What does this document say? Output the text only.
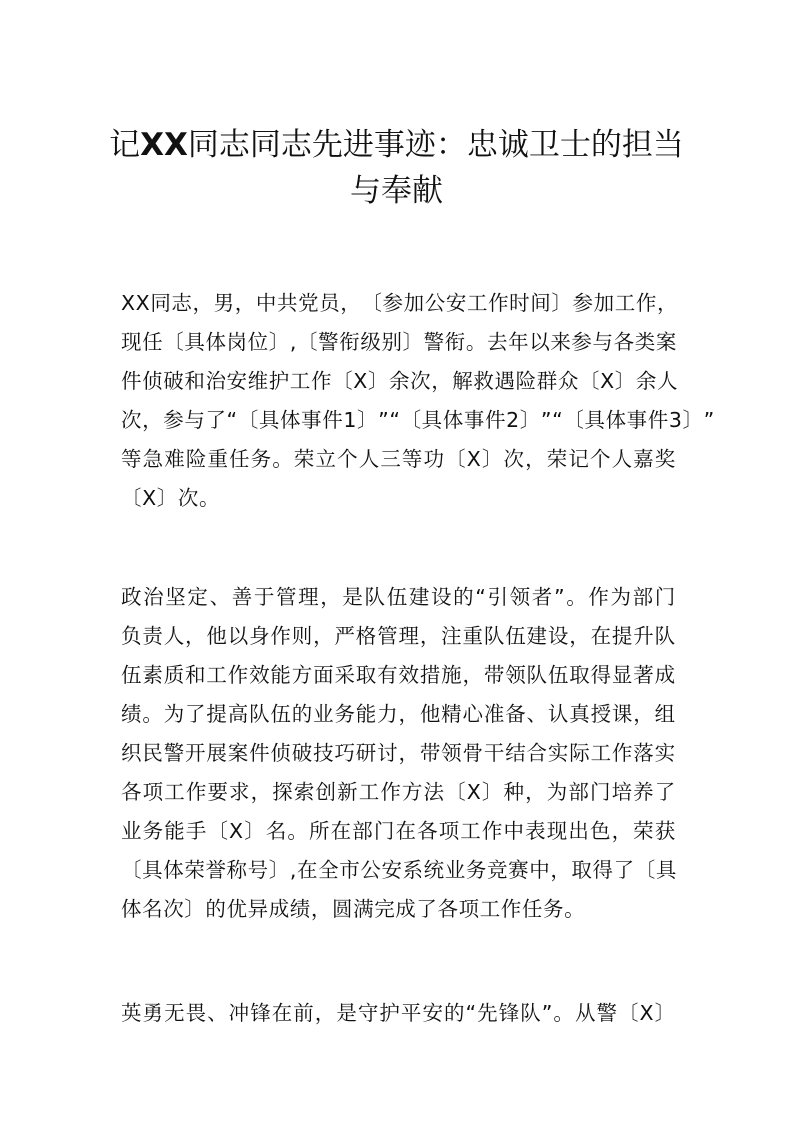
记XX同志同志先进事迹：忠诚卫士的担当
与奉献
X X 同 志 ， 男 ， 中 共 党 员 ， 〔 参 加 公 安 工 作 时 间 〕 参 加 工 作 ，
现 任 〔 具 体 岗 位 〕 , 〔 警 衔 级 别 〕 警 衔 。 去 年 以 来 参 与 各 类 案
件 侦 破 和 治 安 维 护 工 作 〔 X 〕 余 次 ， 解 救 遇 险 群 众 〔 X 〕 余 人
次 ， 参 与 了 “ 〔 具 体 事 件 1 〕 ” “ 〔 具 体 事 件 2 〕 ” “ 〔 具 体 事 件 3 〕 ”
等 急 难 险 重 任 务 。 荣 立 个 人 三 等 功 〔 X 〕 次 ， 荣 记 个 人 嘉 奖
〔X〕次。
政 治 坚 定 、 善 于 管 理 ， 是 队 伍 建 设 的 “ 引 领 者 ” 。 作 为 部 门
负 责 人 ， 他 以 身 作 则 ， 严 格 管 理 ， 注 重 队 伍 建 设 ， 在 提 升 队
伍 素 质 和 工 作 效 能 方 面 采 取 有 效 措 施 ， 带 领 队 伍 取 得 显 著 成
绩 。 为 了 提 高 队 伍 的 业 务 能 力 ， 他 精 心 准 备 、 认 真 授 课 ， 组
织 民 警 开 展 案 件 侦 破 技 巧 研 讨 ， 带 领 骨 干 结 合 实 际 工 作 落 实
各 项 工 作 要 求 ， 探 索 创 新 工 作 方 法 〔 X 〕 种 ， 为 部 门 培 养 了
业 务 能 手 〔 X 〕 名 。 所 在 部 门 在 各 项 工 作 中 表 现 出 色 ， 荣 获
〔 具 体 荣 誉 称 号 〕 , 在 全 市 公 安 系 统 业 务 竞 赛 中 ， 取 得 了 〔 具
体名次〕的优异成绩，圆满完成了各项工作任务。
英 勇 无 畏 、 冲 锋 在 前 ， 是 守 护 平 安 的 “ 先 锋 队 ” 。 从 警 〔 X 〕
